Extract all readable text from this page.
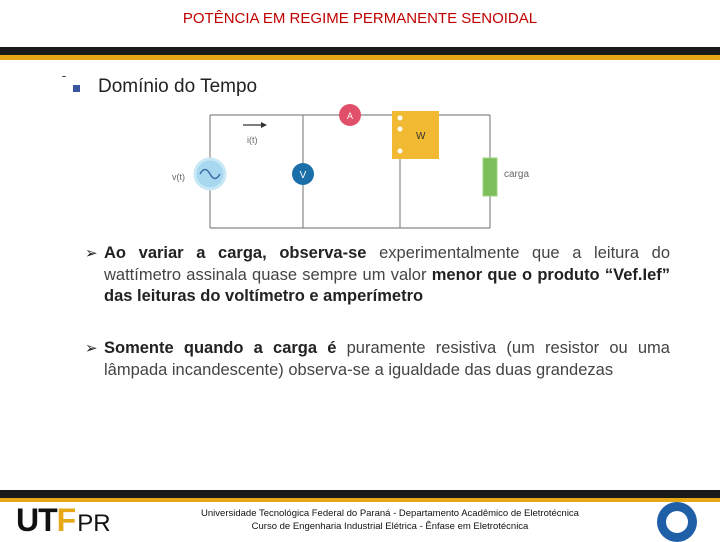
POTÊNCIA EM REGIME PERMANENTE SENOIDAL
Domínio do Tempo
i(t)
v(t)	V
A
W
carga
➢ Ao variar a carga, observa-se experimentalmente que a leitura do wattímetro assinala quase sempre um valor menor que o produto “Vef.Ief” das leituras do voltímetro e amperímetro
➢ Somente quando a carga é puramente resistiva (um resistor ou uma lâmpada incandescente) observa-se a igualdade das duas grandezas
UTFPR	Universidade Tecnológica Federal do Paraná - Departamento Acadêmico de Eletrotécnica
Curso de Engenharia Industrial Elétrica - Ênfase em Eletrotécnica
